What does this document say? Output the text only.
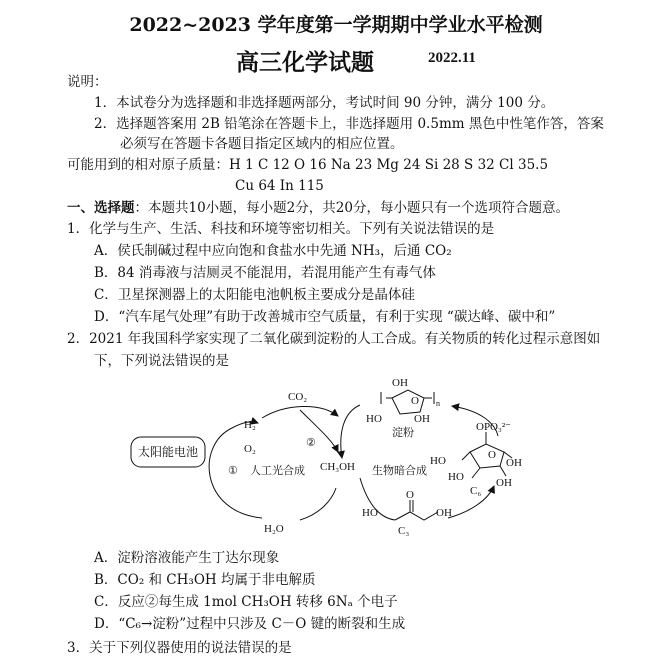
2022~2023 学年度第一学期期中学业水平检测
高三化学试题	2022.11
说明：
1．本试卷分为选择题和非选择题两部分，考试时间 90 分钟，满分 100 分。
2．选择题答案用 2B 铅笔涂在答题卡上，非选择题用 0.5mm 黑色中性笔作答，答案
必须写在答题卡各题目指定区域内的相应位置。
可能用到的相对原子质量：H 1 C 12 O 16 Na 23 Mg 24 Si 28 S 32 Cl 35.5
Cu 64 In 115
一、选择题：本题共10小题，每小题2分，共20分，每小题只有一个选项符合题意。
1．化学与生产、生活、科技和环境等密切相关。下列有关说法错误的是
A．侯氏制碱过程中应向饱和食盐水中先通 NH₃，后通 CO₂
B．84 消毒液与洁厕灵不能混用，若混用能产生有毒气体
C．卫星探测器上的太阳能电池帆板主要成分是晶体硅
D．“汽车尾气处理”有助于改善城市空气质量，有利于实现 “碳达峰、碳中和”
2．2021 年我国科学家实现了二氧化碳到淀粉的人工合成。有关物质的转化过程示意图如
下，下列说法错误的是
太阳能电池
H₂
O₂
① 人工光合成
H₂O
CO₂
②
CH₃OH 生物暗合成
OH
O n
HO	OH
淀粉	OPO₃²⁻
HO	O
OH
HO	OH
C₆
HO
O
OH
C₃
A．淀粉溶液能产生丁达尔现象
B．CO₂ 和 CH₃OH 均属于非电解质
C．反应②每生成 1mol CH₃OH 转移 6Nₐ 个电子
D．“C₆→淀粉”过程中只涉及 C－O 键的断裂和生成
3．关于下列仪器使用的说法错误的是
